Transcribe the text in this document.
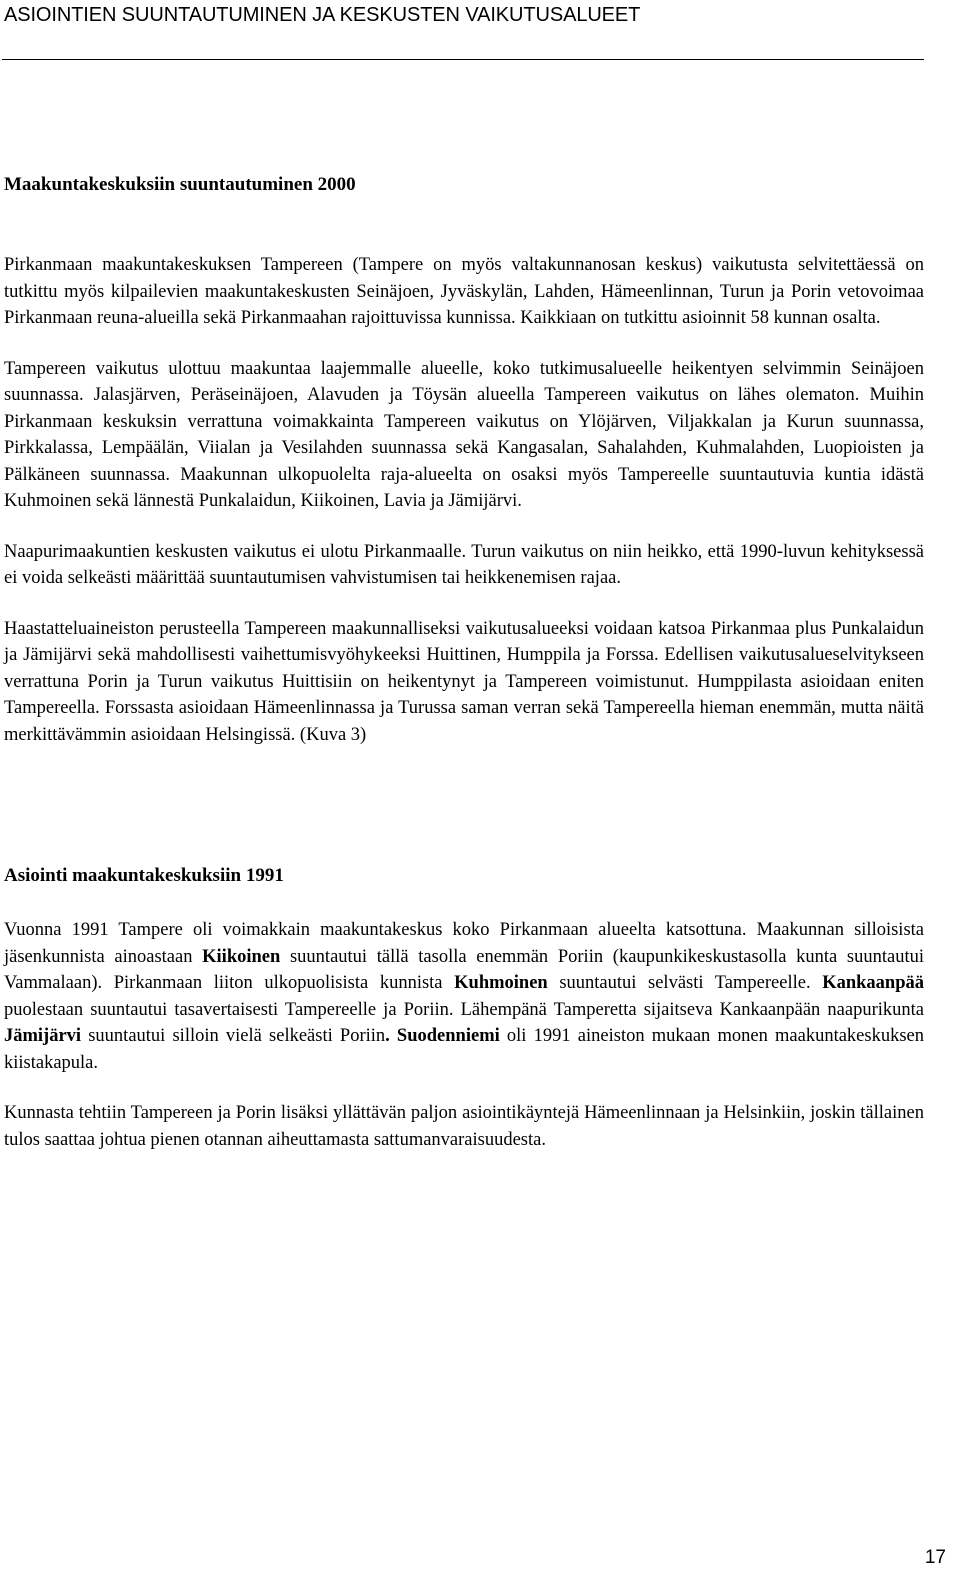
ASIOINTIEN SUUNTAUTUMINEN JA KESKUSTEN VAIKUTUSALUEET
Maakuntakeskuksiin suuntautuminen 2000

Pirkanmaan maakuntakeskuksen Tampereen (Tampere on myös valtakunnanosan keskus) vaikutusta selvitettäessä on tutkittu myös kilpailevien maakuntakeskusten Seinäjoen, Jyväskylän, Lahden, Hämeenlinnan, Turun ja Porin vetovoimaa Pirkanmaan reuna-alueilla sekä Pirkanmaahan rajoittuvissa kunnissa. Kaikkiaan on tutkittu asioinnit 58 kunnan osalta.

Tampereen vaikutus ulottuu maakuntaa laajemmalle alueelle, koko tutkimusalueelle heikentyen selvimmin Seinäjoen suunnassa. Jalasjärven, Peräseinäjoen, Alavuden ja Töysän alueella Tampereen vaikutus on lähes olematon. Muihin Pirkanmaan keskuksin verrattuna voimakkainta Tampereen vaikutus on Ylöjärven, Viljakkalan ja Kurun suunnassa, Pirkkalassa, Lempäälän, Viialan ja Vesilahden suunnassa sekä Kangasalan, Sahalahden, Kuhmalahden, Luopioisten ja Pälkäneen suunnassa. Maakunnan ulkopuolelta raja-alueelta on osaksi myös Tampereelle suuntautuvia kuntia idästä Kuhmoinen sekä lännestä Punkalaidun, Kiikoinen, Lavia ja Jämijärvi.

Naapurimaakuntien keskusten vaikutus ei ulotu Pirkanmaalle. Turun vaikutus on niin heikko, että 1990-luvun kehityksessä ei voida selkeästi määrittää suuntautumisen vahvistumisen tai heikkenemisen rajaa.

Haastatteluaineiston perusteella Tampereen maakunnalliseksi vaikutusalueeksi voidaan katsoa Pirkanmaa plus Punkalaidun ja Jämijärvi sekä mahdollisesti vaihettumisvyöhykeeksi Huittinen, Humppila ja Forssa. Edellisen vaikutusalueselvitykseen verrattuna Porin ja Turun vaikutus Huittisiin on heikentynyt ja Tampereen voimistunut. Humppilasta asioidaan eniten Tampereella. Forssasta asioidaan Hämeenlinnassa ja Turussa saman verran sekä Tampereella hieman enemmän, mutta näitä merkittävämmin asioidaan Helsingissä. (Kuva 3)

Asiointi maakuntakeskuksiin 1991

Vuonna 1991 Tampere oli voimakkain maakuntakeskus koko Pirkanmaan alueelta katsottuna. Maakunnan silloisista jäsenkunnista ainoastaan Kiikoinen suuntautui tällä tasolla enemmän Poriin (kaupunkikeskustasolla kunta suuntautui Vammalaan). Pirkanmaan liiton ulkopuolisista kunnista Kuhmoinen suuntautui selvästi Tampereelle. Kankaanpää puolestaan suuntautui tasavertaisesti Tampereelle ja Poriin. Lähempänä Tamperetta sijaitseva Kankaanpään naapurikunta Jämijärvi suuntautui silloin vielä selkeästi Poriin. Suodenniemi oli 1991 aineiston mukaan monen maakuntakeskuksen kiistakapula.

Kunnasta tehtiin Tampereen ja Porin lisäksi yllättävän paljon asiointikäyntejä Hämeenlinnaan ja Helsinkiin, joskin tällainen tulos saattaa johtua pienen otannan aiheuttamasta sattumanvaraisuudesta.

17
